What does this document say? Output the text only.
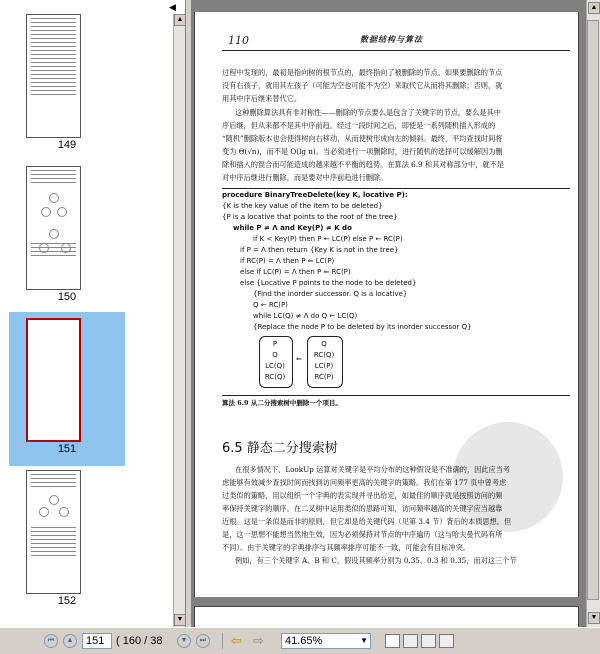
◀
149
150
151
152
▲
▼
110	数据结构与算法
过程中发现的，最初是指向树的根节点的，最终指向了被删除的节点。如果要删除的节点
没有右孩子，就用其左孩子（可能为空也可能不为空）来取代它从而将其删除；否则，就
用其中序后继来替代它。
这种删除算法具有非对称性——删除的节点要么是包含了关键字的节点，要么是其中
序后继，但从来都不是其中序前趋。经过一段时间之后，即使是一系列随机插入形成的
“随机”删除版本也会使得树向右移动，从而使树形成向左的倾斜。最终，平均查找时间将
变为 Θ(√n)，而不是 O(lg n)。当必须进行一项删除时，进行随机的选择可以缓解因为删
除和插入的混合而可能造成的越来越不平衡的趋势。在算法 6.9 和其对称部分中，就不是
对中序后继进行删除，而是要对中序前趋进行删除。
procedure BinaryTreeDelete(key K, locative P):
{K is the key value of the item to be deleted}
{P is a locative that points to the root of the tree}
while P ≠ Λ and Key(P) ≠ K do
if K < Key(P) then P ← LC(P) else P ← RC(P)
if P = Λ then return {Key K is not in the tree}
if RC(P) = Λ then P ⇐ LC(P)
else if LC(P) = Λ then P ⇐ RC(P)
else {Locative P points to the node to be deleted}
{Find the inorder successor. Q is a locative}
Q ← RC(P)
while LC(Q) ≠ Λ do Q ← LC(Q)
{Replace the node P to be deleted by its inorder successor Q}
P
Q
LC(Q)
RC(Q)
⇐
Q
RC(Q)
LC(P)
RC(P)
算法 6.9 从二分搜索树中删除一个项目。
6.5 静态二分搜索树
在很多情况下，LookUp 运算对关键字是平均分布的这种假设是不准确的，因此应当考
虑能够有效减少查找时间而找到访问频率更高的关键字的策略。我们在第 177 页中曾考虑
过类似的策略，用以组织一个字典的表实现并寻出给定，如最佳的顺序就是按照访问的频
率保持关键字的顺序。在二叉树中运用类似的思路可知，访问频率越高的关键字应当越靠
近根。这是一条似是而非的原则，但它却是给关键代码（见第 3.4 节）背后的本质思想。但
是，这一思想不能想当然地生效，因为必须保持对节点的中序遍历（这与哈夫曼代码有所
不同）。由于关键字的字典排序与其频率排序可能不一致，可能会有目标冲突。
例如，有三个关键字 A、B 和 C，假设其频率分别为 0.35、0.3 和 0.35，而对这三个节
▲
▼
⏮	▲	151	( 160 / 38	▼	⏭ ⇦ ⇨	41.65%	▼
